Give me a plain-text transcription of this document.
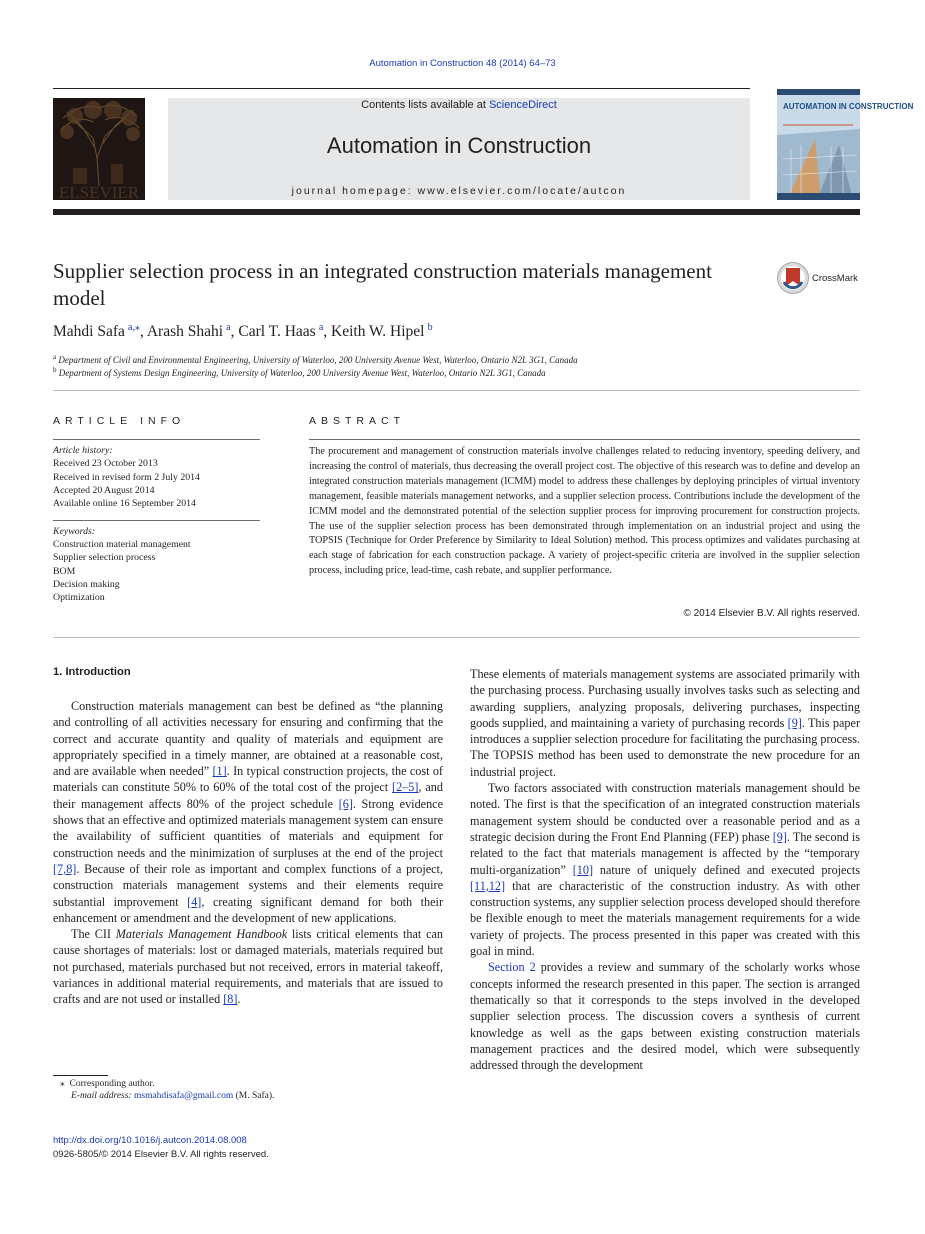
Automation in Construction 48 (2014) 64–73
ELSEVIER
Contents lists available at ScienceDirect
Automation in Construction
journal homepage: www.elsevier.com/locate/autcon
AUTOMATION IN CONSTRUCTION
Supplier selection process in an integrated construction materials management model
CrossMark
Mahdi Safa  $^{a,⁎}$, Arash Shahi  $^a$, Carl T. Haas  $^a$, Keith W. Hipel  $^b$
$^a$ Department of Civil and Environmental Engineering, University of Waterloo, 200 University Avenue West, Waterloo, Ontario N2L 3G1, Canada
$^b$ Department of Systems Design Engineering, University of Waterloo, 200 University Avenue West, Waterloo, Ontario N2L 3G1, Canada
ARTICLE INFO
Article history:
Received 23 October 2013
Received in revised form 2 July 2014
Accepted 20 August 2014
Available online 16 September 2014
Keywords:
Construction material management
Supplier selection process
BOM
Decision making
Optimization
ABSTRACT
The procurement and management of construction materials involve challenges related to reducing inventory, speeding delivery, and increasing the control of materials, thus decreasing the overall project cost. The objective of this research was to define and develop an integrated construction materials management (ICMM) model to address these challenges by deploying principles of virtual inventory management, feasible materials management networks, and a supplier selection process. Contributions include the development of the ICMM model and the demonstrated potential of the selection supplier process for improving procurement for construction projects. The use of the supplier selection process has been demonstrated through implementation on an industrial project and using the TOPSIS (Technique for Order Preference by Similarity to Ideal Solution) method. This process optimizes and validates purchasing at each stage of fabrication for each construction package. A variety of project-specific criteria are involved in the supplier selection process, including price, lead-time, cash rebate, and supplier performance.
© 2014 Elsevier B.V. All rights reserved.
1. Introduction

Construction materials management can best be defined as “the planning and controlling of all activities necessary for ensuring and confirming that the correct and accurate quantity and quality of materials and equipment are appropriately specified in a timely manner, are obtained at a reasonable cost, and are available when needed” [1]. In typical construction projects, the cost of materials can constitute 50% to 60% of the total cost of the project [2–5], and their management affects 80% of the project schedule [6]. Strong evidence shows that an effective and optimized materials management system can ensure the availability of sufficient quantities of materials and equipment for construction needs and the minimization of surpluses at the end of the project [7,8]. Because of their role as important and complex functions of a project, construction materials management systems and their elements require substantial improvement [4], creating significant demand for both their enhancement or amendment and the development of new applications.

The CII Materials Management Handbook lists critical elements that can cause shortages of materials: lost or damaged materials, materials required but not purchased, materials purchased but not received, errors in material takeoff, variances in additional material requirements, and materials that are issued to crafts and are not used or installed [8].

These elements of materials management systems are associated primarily with the purchasing process. Purchasing usually involves tasks such as selecting and awarding suppliers, analyzing proposals, delivering purchases, inspecting goods supplied, and maintaining a variety of purchasing records [9]. This paper introduces a supplier selection procedure for facilitating the purchasing process. The TOPSIS method has been used to demonstrate the new procedure for an industrial project.

Two factors associated with construction materials management should be noted. The first is that the specification of an integrated construction materials management system should be conducted over a reasonable period and as a strategic decision during the Front End Planning (FEP) phase [9]. The second is related to the fact that materials management is affected by the “temporary multi-organization” [10] nature of uniquely defined and executed projects [11,12] that are characteristic of the construction industry. As with other construction systems, any supplier selection process developed should therefore be flexible enough to meet the materials management requirements for a wide variety of projects. The process presented in this paper was created with this goal in mind.

Section 2 provides a review and summary of the scholarly works whose concepts informed the research presented in this paper. The section is arranged thematically so that it corresponds to the steps involved in the developed supplier selection process. The discussion covers a synthesis of current knowledge as well as the gaps between existing construction materials management practices and the desired model, which were subsequently addressed through the development

⁎ Corresponding author.
E-mail address: msmahdisafa@gmail.com (M. Safa).
http://dx.doi.org/10.1016/j.autcon.2014.08.008
0926-5805/© 2014 Elsevier B.V. All rights reserved.
